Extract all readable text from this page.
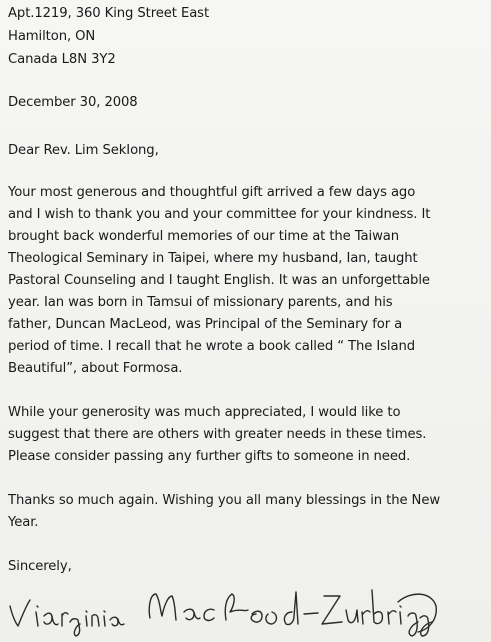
Apt.1219, 360 King Street East

Hamilton, ON

Canada L8N 3Y2

December 30, 2008

Dear Rev. Lim SekIong,

Your most generous and thoughtful gift arrived a few days ago

and I wish to thank you and your committee for your kindness. It

brought back wonderful memories of our time at the Taiwan

Theological Seminary in Taipei, where my husband, Ian, taught

Pastoral Counseling and I taught English. It was an unforgettable

year. Ian was born in Tamsui of missionary parents, and his

father, Duncan MacLeod, was Principal of the Seminary for a

period of time. I recall that he wrote a book called “ The Island

Beautiful”, about Formosa.

While your generosity was much appreciated, I would like to

suggest that there are others with greater needs in these times.

Please consider passing any further gifts to someone in need.

Thanks so much again. Wishing you all many blessings in the New

Year.

Sincerely,
